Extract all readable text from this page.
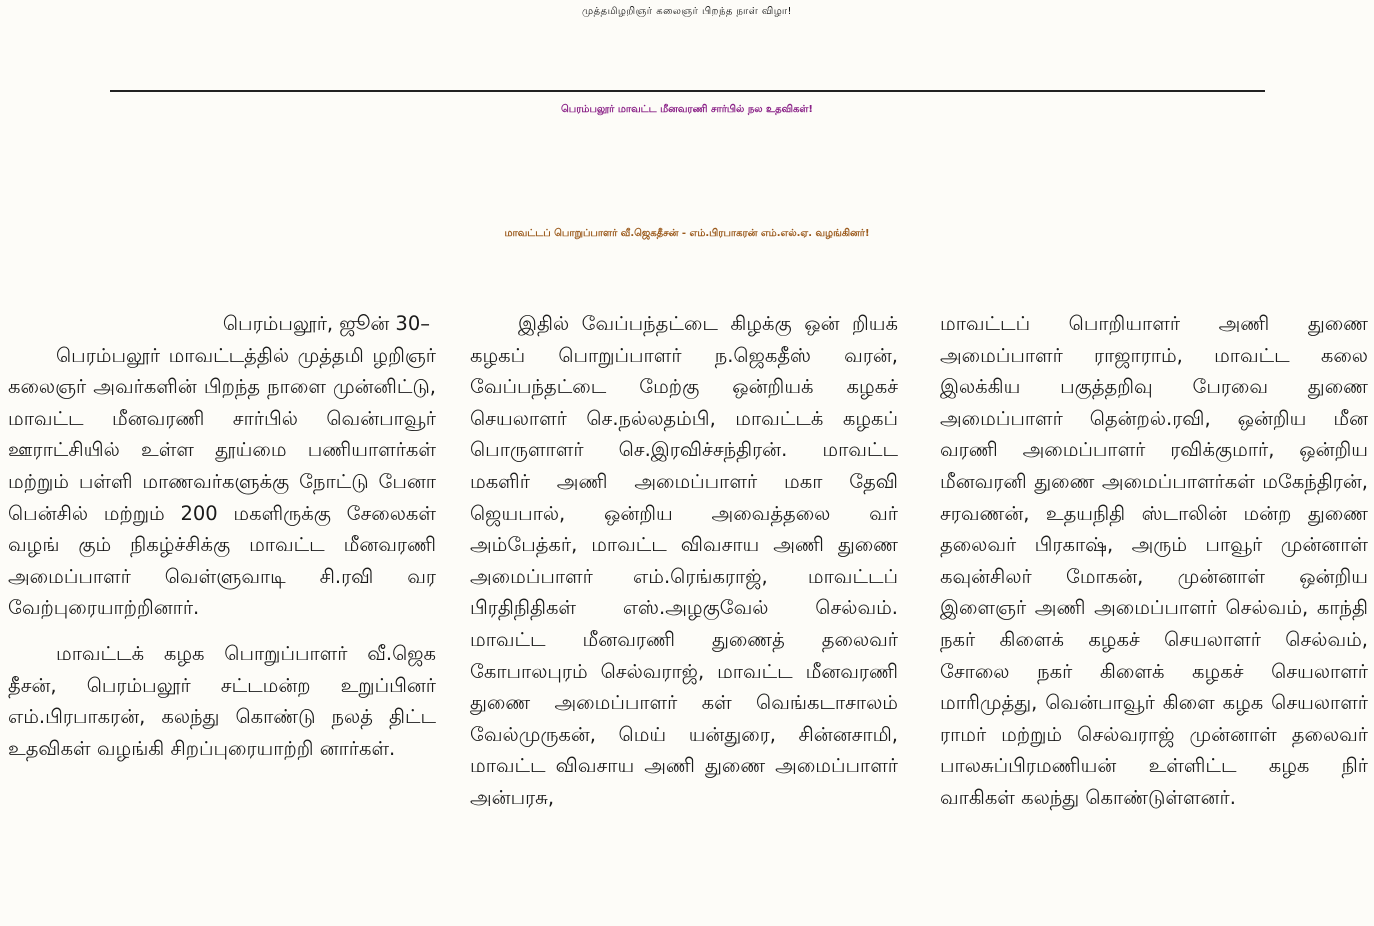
முத்தமிழறிஞர் கலைஞர் பிறந்த நாள் விழா!
பெரம்பலூர் மாவட்ட மீனவரணி சார்பில் நல உதவிகள்!
மாவட்டப் பொறுப்பாளர் வீ.ஜெகதீசன் - எம்.பிரபாகரன் எம்.எல்.ஏ. வழங்கினர்!

பெரம்பலூர், ஜூன் 30–

பெரம்பலூர் மாவட்டத்தில் முத்தமி ழறிஞர் கலைஞர் அவர்களின் பிறந்த நாளை முன்னிட்டு, மாவட்ட மீனவரணி சார்பில் வென்பாவூர் ஊராட்சியில் உள்ள தூய்மை பணியாளர்கள் மற்றும் பள்ளி மாணவர்களுக்கு நோட்டு பேனா பென்சில் மற்றும் 200 மகளிருக்கு சேலைகள் வழங் கும் நிகழ்ச்சிக்கு மாவட்ட மீனவரணி அமைப்பாளர் வெள்ளுவாடி சி.ரவி வர வேற்புரையாற்றினார்.

மாவட்டக் கழக பொறுப்பாளர் வீ.ஜெக தீசன், பெரம்பலூர் சட்டமன்ற உறுப்பினர் எம்.பிரபாகரன், கலந்து கொண்டு நலத் திட்ட உதவிகள் வழங்கி சிறப்புரையாற்றி னார்கள்.

இதில் வேப்பந்தட்டை கிழக்கு ஒன் றியக் கழகப் பொறுப்பாளர் ந.ஜெகதீஸ் வரன், வேப்பந்தட்டை மேற்கு ஒன்றியக் கழகச் செயலாளர் செ.நல்லதம்பி, மாவட்டக் கழகப் பொருளாளர் செ.இரவிச்சந்திரன். மாவட்ட மகளிர் அணி அமைப்பாளர் மகா தேவி ஜெயபால், ஒன்றிய அவைத்தலை வர் அம்பேத்கர், மாவட்ட விவசாய அணி துணை அமைப்பாளர் எம்.ரெங்கராஜ், மாவட்டப் பிரதிநிதிகள் எஸ்.அழகுவேல் செல்வம். மாவட்ட மீனவரணி துணைத் தலைவர் கோபாலபுரம் செல்வராஜ், மாவட்ட மீனவரணி துணை அமைப்பாளர் கள் வெங்கடாசாலம் வேல்முருகன், மெய் யன்துரை, சின்னசாமி, மாவட்ட விவசாய அணி துணை அமைப்பாளர் அன்பரசு,

மாவட்டப் பொறியாளர் அணி துணை அமைப்பாளர் ராஜாராம், மாவட்ட கலை இலக்கிய பகுத்தறிவு பேரவை துணை அமைப்பாளர் தென்றல்.ரவி, ஒன்றிய மீன வரணி அமைப்பாளர் ரவிக்குமார், ஒன்றிய மீனவரனி துணை அமைப்பாளர்கள் மகேந்திரன், சரவணன், உதயநிதி ஸ்டாலின் மன்ற துணை தலைவர் பிரகாஷ், அரும் பாவூர் முன்னாள் கவுன்சிலர் மோகன், முன்னாள் ஒன்றிய இளைஞர் அணி அமைப்பாளர் செல்வம், காந்தி நகர் கிளைக் கழகச் செயலாளர் செல்வம், சோலை நகர் கிளைக் கழகச் செயலாளர் மாரிமுத்து, வென்பாவூர் கிளை கழக செயலாளர் ராமர் மற்றும் செல்வராஜ் முன்னாள் தலைவர் பாலசுப்பிரமணியன் உள்ளிட்ட கழக நிர் வாகிகள் கலந்து கொண்டுள்ளனர்.
